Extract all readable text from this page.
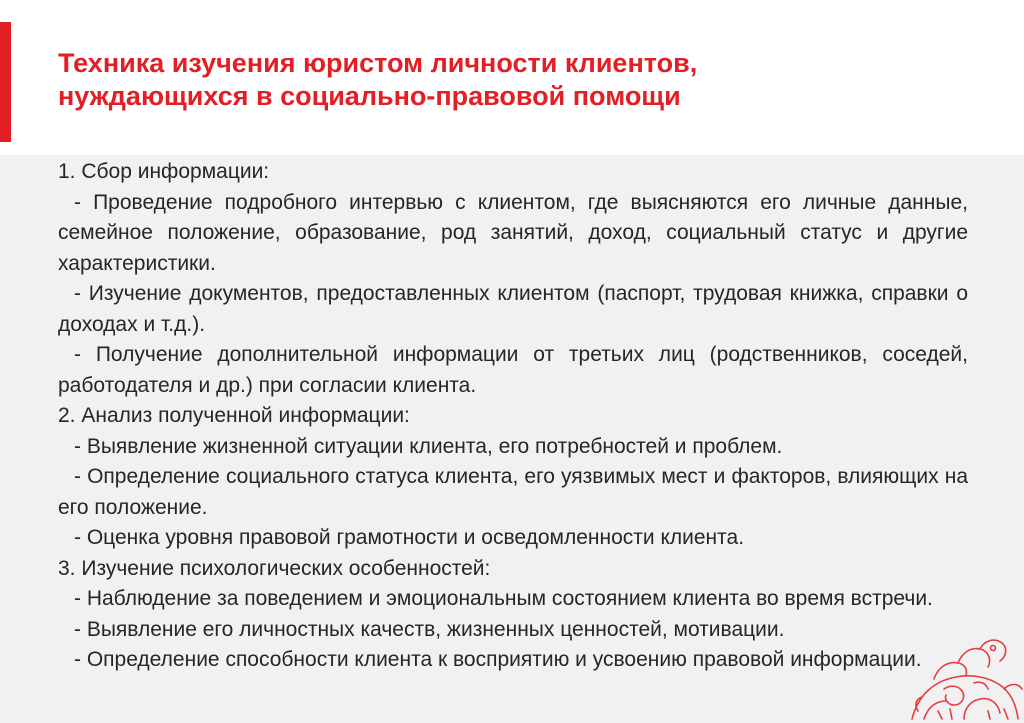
Техника изучения юристом личности клиентов,
нуждающихся в социально-правовой помощи

1. Сбор информации:

- Проведение подробного интервью с клиентом, где выясняются его личные данные, семейное положение, образование, род занятий, доход, социальный статус и другие характеристики.

- Изучение документов, предоставленных клиентом (паспорт, трудовая книжка, справки о доходах и т.д.).

- Получение дополнительной информации от третьих лиц (родственников, соседей, работодателя и др.) при согласии клиента.

2. Анализ полученной информации:

- Выявление жизненной ситуации клиента, его потребностей и проблем.

- Определение социального статуса клиента, его уязвимых мест и факторов, влияющих на его положение.

- Оценка уровня правовой грамотности и осведомленности клиента.

3. Изучение психологических особенностей:

- Наблюдение за поведением и эмоциональным состоянием клиента во время встречи.

- Выявление его личностных качеств, жизненных ценностей, мотивации.

- Определение способности клиента к восприятию и усвоению правовой информации.
